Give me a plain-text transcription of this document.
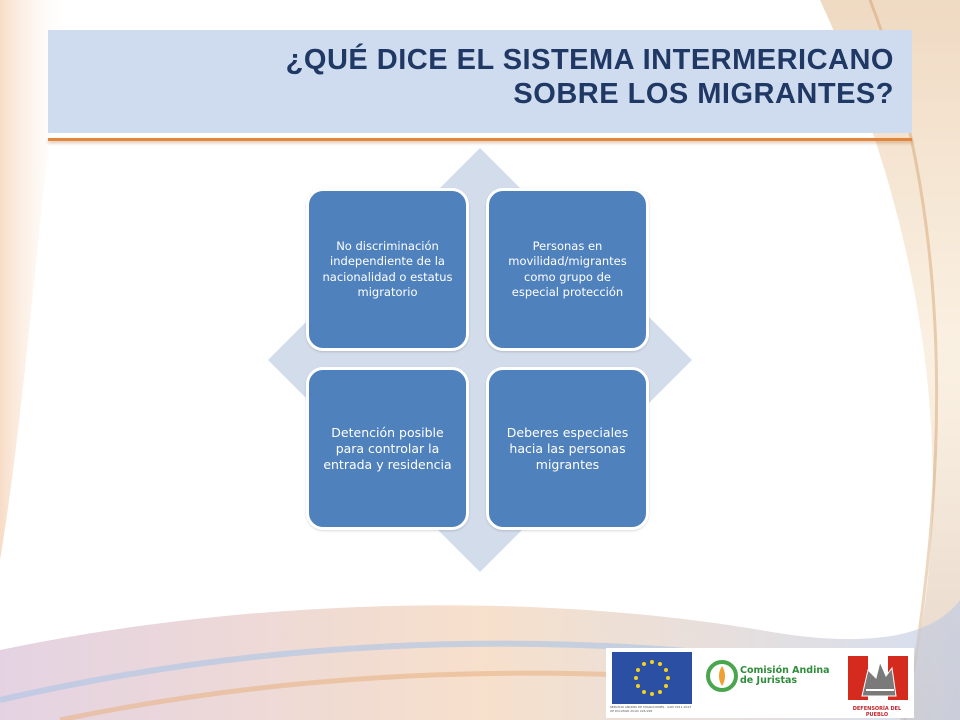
¿QUÉ DICE EL SISTEMA INTERMERICANO
SOBRE LOS MIGRANTES?
No discriminación independiente de la nacionalidad o estatus migratorio
Personas en movilidad/migrantes como grupo de especial protección
Detención posible para controlar la entrada y residencia
Deberes especiales hacia las personas migrantes
SERVICIO ANDINO DE MIGRACIONES - SAM 2011-2013 UE DCI-MIGR 2010/ 226-995
Comisión Andina
de Juristas
DEFENSORÍA DEL PUEBLO
